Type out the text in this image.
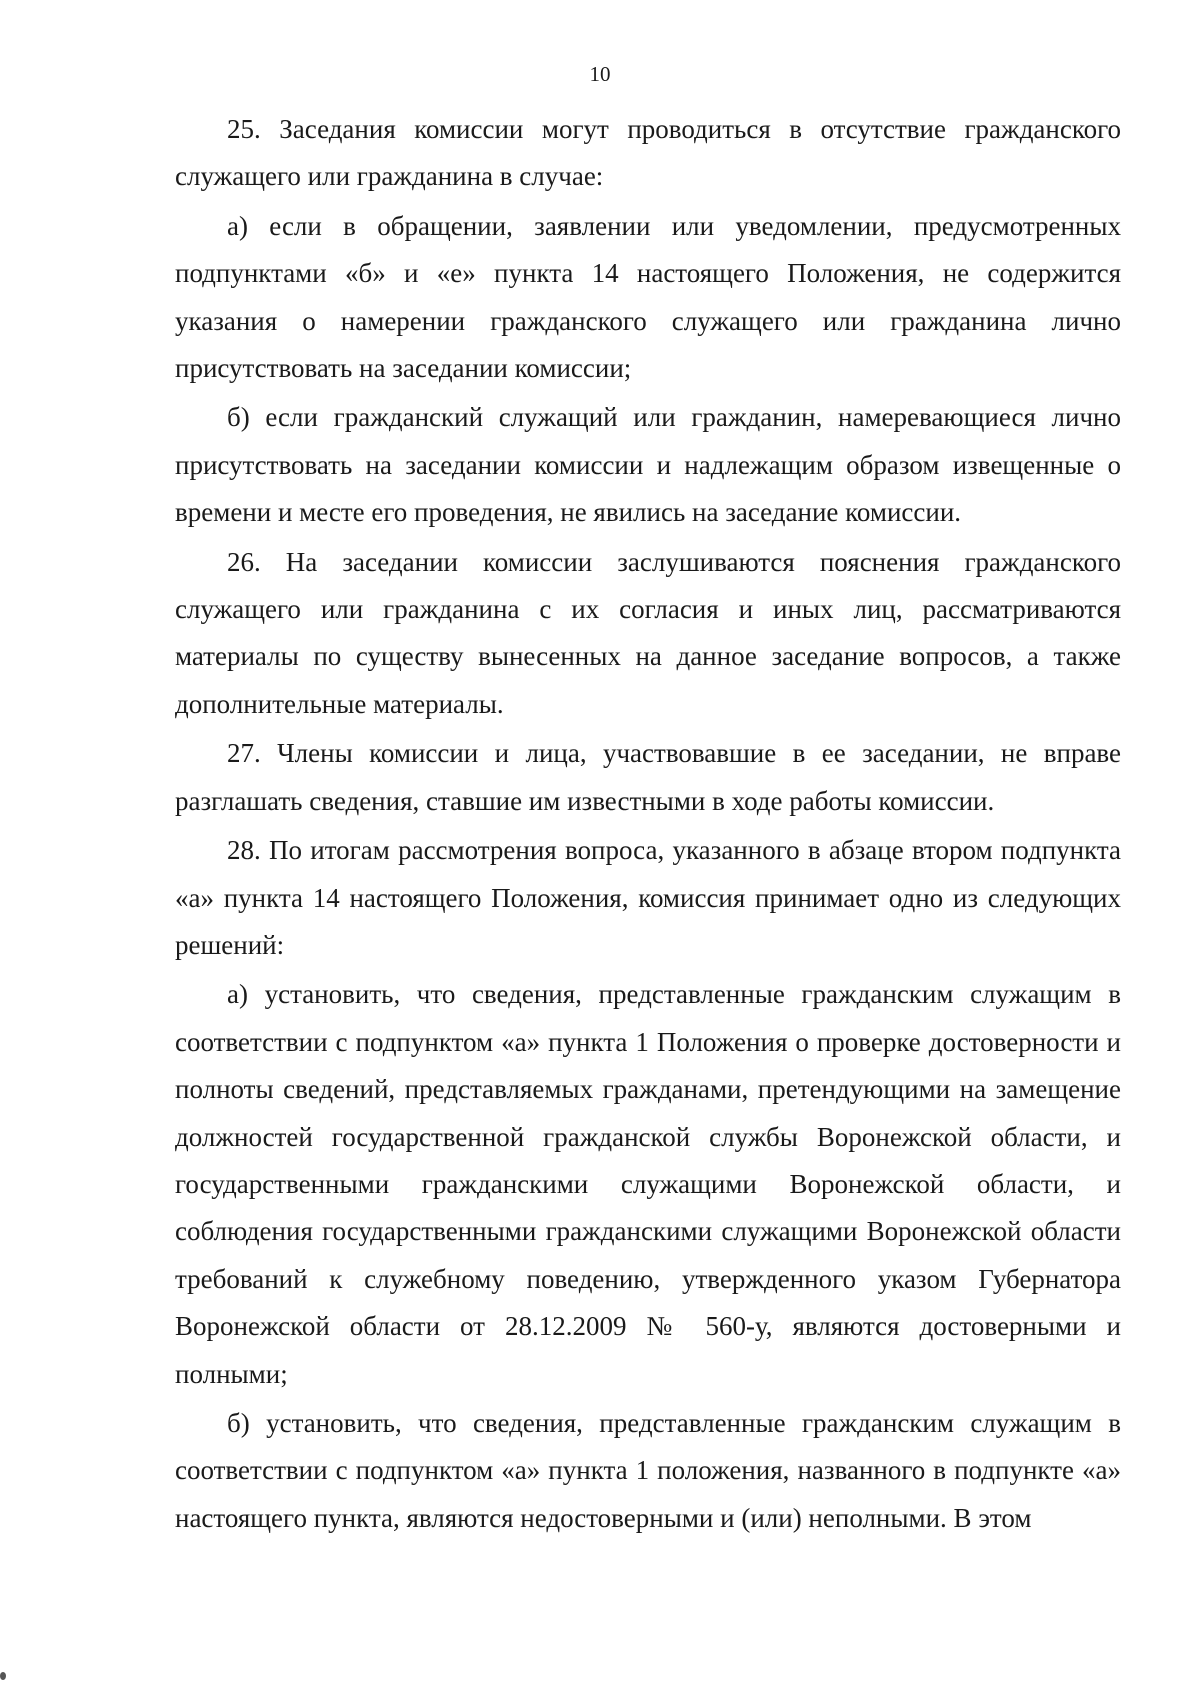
10

25. Заседания комиссии могут проводиться в отсутствие гражданского служащего или гражданина в случае:

а) если в обращении, заявлении или уведомлении, предусмотренных подпунктами «б» и «е» пункта 14 настоящего Положения, не содержится указания о намерении гражданского служащего или гражданина лично присутствовать на заседании комиссии;

б) если гражданский служащий или гражданин, намеревающиеся лично присутствовать на заседании комиссии и надлежащим образом извещенные о времени и месте его проведения, не явились на заседание комиссии.

26. На заседании комиссии заслушиваются пояснения гражданского служащего или гражданина с их согласия и иных лиц, рассматриваются материалы по существу вынесенных на данное заседание вопросов, а также дополнительные материалы.

27. Члены комиссии и лица, участвовавшие в ее заседании, не вправе разглашать сведения, ставшие им известными в ходе работы комиссии.

28. По итогам рассмотрения вопроса, указанного в абзаце втором подпункта «а» пункта 14 настоящего Положения, комиссия принимает одно из следующих решений:

а) установить, что сведения, представленные гражданским служащим в соответствии с подпунктом «а» пункта 1 Положения о проверке достоверности и полноты сведений, представляемых гражданами, претендующими на замещение должностей государственной гражданской службы Воронежской области, и государственными гражданскими служащими Воронежской области, и соблюдения государственными гражданскими служащими Воронежской области требований к служебному поведению, утвержденного указом Губернатора Воронежской области от 28.12.2009 № 560-у, являются достоверными и полными;

б) установить, что сведения, представленные гражданским служащим в соответствии с подпунктом «а» пункта 1 положения, названного в подпункте «а» настоящего пункта, являются недостоверными и (или) неполными. В этом
